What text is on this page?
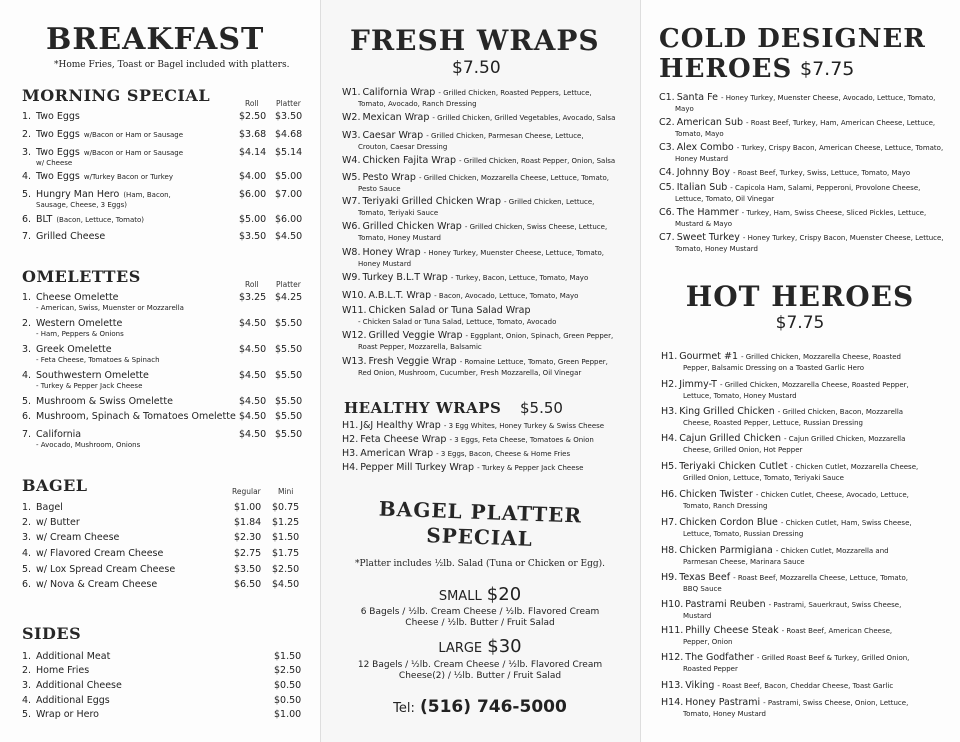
BREAKFAST
*Home Fries, Toast or Bagel included with platters.
MORNING SPECIAL	Roll Platter
1. Two Eggs	$2.50 $3.50
2. Two Eggs w/Bacon or Ham or Sausage	$3.68 $4.68
3. Two Eggs w/Bacon or Ham or Sausage
w/ Cheese
$4.14 $5.14
4. Two Eggs w/Turkey Bacon or Turkey	$4.00 $5.00
5. Hungry Man Hero (Ham, Bacon,
Sausage, Cheese, 3 Eggs)
$6.00 $7.00
6. BLT (Bacon, Lettuce, Tomato)	$5.00 $6.00
7. Grilled Cheese	$3.50 $4.50
OMELETTES	Roll Platter
1. Cheese Omelette
- American, Swiss, Muenster or Mozzarella
$3.25 $4.25
2. Western Omelette
- Ham, Peppers & Onions
$4.50 $5.50
3. Greek Omelette
- Feta Cheese, Tomatoes & Spinach
$4.50 $5.50
4. Southwestern Omelette
- Turkey & Pepper Jack Cheese
$4.50 $5.50
5. Mushroom & Swiss Omelette	$4.50 $5.50
6. Mushroom, Spinach & Tomatoes Omelette $4.50 $5.50
7. California
- Avocado, Mushroom, Onions
$4.50 $5.50
BAGEL	Regular Mini
1. Bagel	$1.00 $0.75
2. w/ Butter	$1.84 $1.25
3. w/ Cream Cheese	$2.30 $1.50
4. w/ Flavored Cream Cheese	$2.75 $1.75
5. w/ Lox Spread Cream Cheese	$3.50 $2.50
6. w/ Nova & Cream Cheese	$6.50 $4.50
SIDES
1. Additional Meat	$1.50
2. Home Fries	$2.50
3. Additional Cheese	$0.50
4. Additional Eggs	$0.50
5. Wrap or Hero	$1.00
FRESH WRAPS
$7.50
W1. California Wrap - Grilled Chicken, Roasted Peppers, Lettuce,
Tomato, Avocado, Ranch Dressing
W2. Mexican Wrap - Grilled Chicken, Grilled Vegetables, Avocado, Salsa
W3. Caesar Wrap - Grilled Chicken, Parmesan Cheese, Lettuce,
Crouton, Caesar Dressing
W4. Chicken Fajita Wrap - Grilled Chicken, Roast Pepper, Onion, Salsa
W5. Pesto Wrap - Grilled Chicken, Mozzarella Cheese, Lettuce, Tomato,
Pesto Sauce
W7. Teriyaki Grilled Chicken Wrap - Grilled Chicken, Lettuce,
Tomato, Teriyaki Sauce
W6. Grilled Chicken Wrap - Grilled Chicken, Swiss Cheese, Lettuce,
Tomato, Honey Mustard
W8. Honey Wrap - Honey Turkey, Muenster Cheese, Lettuce, Tomato,
Honey Mustard
W9. Turkey B.L.T Wrap - Turkey, Bacon, Lettuce, Tomato, Mayo
W10. A.B.L.T. Wrap - Bacon, Avocado, Lettuce, Tomato, Mayo
W11. Chicken Salad or Tuna Salad Wrap
- Chicken Salad or Tuna Salad, Lettuce, Tomato, Avocado
W12. Grilled Veggie Wrap - Eggplant, Onion, Spinach, Green Pepper,
Roast Pepper, Mozzarella, Balsamic
W13. Fresh Veggie Wrap - Romaine Lettuce, Tomato, Green Pepper,
Red Onion, Mushroom, Cucumber, Fresh Mozzarella, Oil Vinegar
HEALTHY WRAPS $5.50
H1. J&J Healthy Wrap - 3 Egg Whites, Honey Turkey & Swiss Cheese
H2. Feta Cheese Wrap - 3 Eggs, Feta Cheese, Tomatoes & Onion
H3. American Wrap - 3 Eggs, Bacon, Cheese & Home Fries
H4. Pepper Mill Turkey Wrap - Turkey & Pepper Jack Cheese
BAGEL PLATTER
SPECIAL
*Platter includes ½lb. Salad (Tuna or Chicken or Egg).
SMALL $20
6 Bagels / ½lb. Cream Cheese / ½lb. Flavored Cream
Cheese / ½lb. Butter / Fruit Salad
LARGE $30
12 Bagels / ½lb. Cream Cheese / ½lb. Flavored Cream
Cheese(2) / ½lb. Butter / Fruit Salad
Tel: (516) 746-5000
COLD DESIGNER
HEROES $7.75
C1. Santa Fe - Honey Turkey, Muenster Cheese, Avocado, Lettuce, Tomato,
Mayo
C2. American Sub - Roast Beef, Turkey, Ham, American Cheese, Lettuce,
Tomato, Mayo
C3. Alex Combo - Turkey, Crispy Bacon, American Cheese, Lettuce, Tomato,
Honey Mustard
C4. Johnny Boy - Roast Beef, Turkey, Swiss, Lettuce, Tomato, Mayo
C5. Italian Sub - Capicola Ham, Salami, Pepperoni, Provolone Cheese,
Lettuce, Tomato, Oil Vinegar
C6. The Hammer - Turkey, Ham, Swiss Cheese, Sliced Pickles, Lettuce,
Mustard & Mayo
C7. Sweet Turkey - Honey Turkey, Crispy Bacon, Muenster Cheese, Lettuce,
Tomato, Honey Mustard
HOT HEROES
$7.75
H1. Gourmet #1 - Grilled Chicken, Mozzarella Cheese, Roasted
Pepper, Balsamic Dressing on a Toasted Garlic Hero
H2. Jimmy-T - Grilled Chicken, Mozzarella Cheese, Roasted Pepper,
Lettuce, Tomato, Honey Mustard
H3. King Grilled Chicken - Grilled Chicken, Bacon, Mozzarella
Cheese, Roasted Pepper, Lettuce, Russian Dressing
H4. Cajun Grilled Chicken - Cajun Grilled Chicken, Mozzarella
Cheese, Grilled Onion, Hot Pepper
H5. Teriyaki Chicken Cutlet - Chicken Cutlet, Mozzarella Cheese,
Grilled Onion, Lettuce, Tomato, Teriyaki Sauce
H6. Chicken Twister - Chicken Cutlet, Cheese, Avocado, Lettuce,
Tomato, Ranch Dressing
H7. Chicken Cordon Blue - Chicken Cutlet, Ham, Swiss Cheese,
Lettuce, Tomato, Russian Dressing
H8. Chicken Parmigiana - Chicken Cutlet, Mozzarella and
Parmesan Cheese, Marinara Sauce
H9. Texas Beef - Roast Beef, Mozzarella Cheese, Lettuce, Tomato,
BBQ Sauce
H10. Pastrami Reuben - Pastrami, Sauerkraut, Swiss Cheese,
Mustard
H11. Philly Cheese Steak - Roast Beef, American Cheese,
Pepper, Onion
H12. The Godfather - Grilled Roast Beef & Turkey, Grilled Onion,
Roasted Pepper
H13. Viking - Roast Beef, Bacon, Cheddar Cheese, Toast Garlic
H14. Honey Pastrami - Pastrami, Swiss Cheese, Onion, Lettuce,
Tomato, Honey Mustard
